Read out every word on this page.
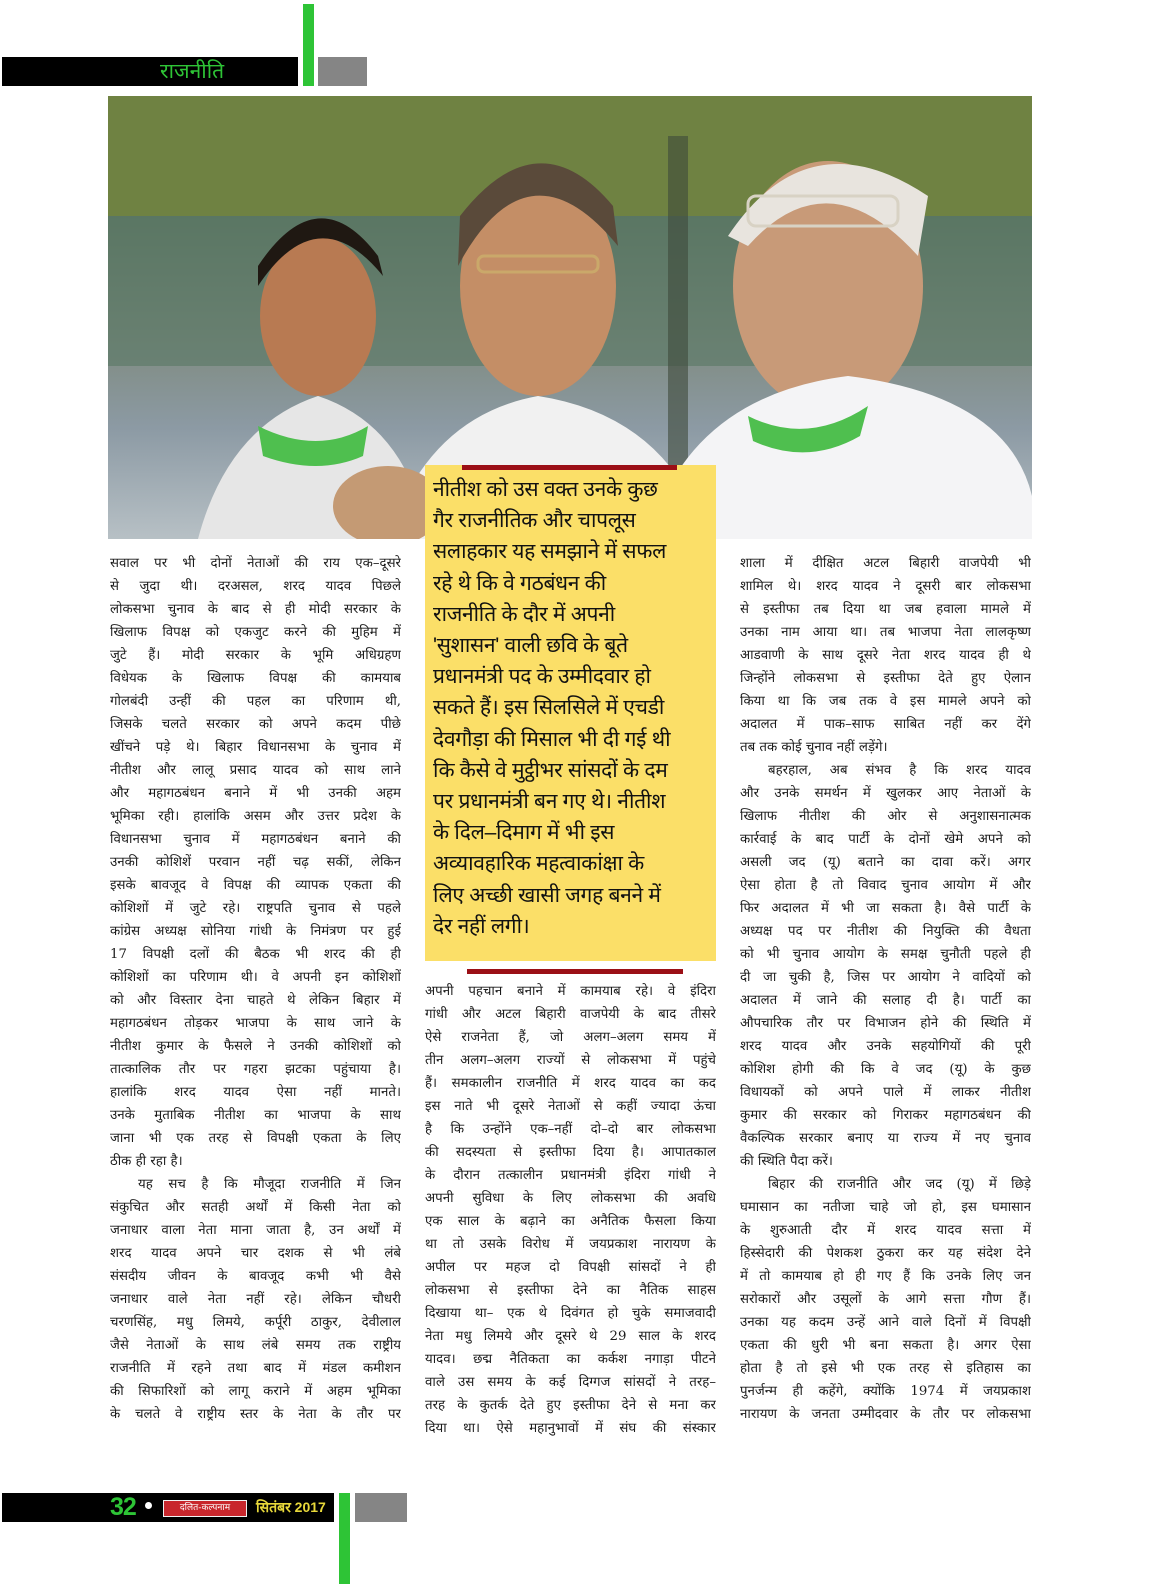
राजनीति
नीतीश को उस वक्त उनके कुछ
गैर राजनीतिक और चापलूस
सलाहकार यह समझाने में सफल
रहे थे कि वे गठबंधन की
राजनीति के दौर में अपनी
'सुशासन' वाली छवि के बूते
प्रधानमंत्री पद के उम्मीदवार हो
सकते हैं। इस सिलसिले में एचडी
देवगौड़ा की मिसाल भी दी गई थी
कि कैसे वे मुट्ठीभर सांसदों के दम
पर प्रधानमंत्री बन गए थे। नीतीश
के दिल–दिमाग में भी इस
अव्यावहारिक महत्वाकांक्षा के
लिए अच्छी खासी जगह बनने में
देर नहीं लगी।
सवाल पर भी दोनों नेताओं की राय एक–दूसरे
से जुदा थी। दरअसल, शरद यादव पिछले
लोकसभा चुनाव के बाद से ही मोदी सरकार के
खिलाफ विपक्ष को एकजुट करने की मुहिम में
जुटे हैं। मोदी सरकार के भूमि अधिग्रहण
विधेयक के खिलाफ विपक्ष की कामयाब
गोलबंदी उन्हीं की पहल का परिणाम थी,
जिसके चलते सरकार को अपने कदम पीछे
खींचने पड़े थे। बिहार विधानसभा के चुनाव में
नीतीश और लालू प्रसाद यादव को साथ लाने
और महागठबंधन बनाने में भी उनकी अहम
भूमिका रही। हालांकि असम और उत्तर प्रदेश के
विधानसभा चुनाव में महागठबंधन बनाने की
उनकी कोशिशें परवान नहीं चढ़ सकीं, लेकिन
इसके बावजूद वे विपक्ष की व्यापक एकता की
कोशिशों में जुटे रहे। राष्ट्रपति चुनाव से पहले
कांग्रेस अध्यक्ष सोनिया गांधी के निमंत्रण पर हुई
17 विपक्षी दलों की बैठक भी शरद की ही
कोशिशों का परिणाम थी। वे अपनी इन कोशिशों
को और विस्तार देना चाहते थे लेकिन बिहार में
महागठबंधन तोड़कर भाजपा के साथ जाने के
नीतीश कुमार के फैसले ने उनकी कोशिशों को
तात्कालिक तौर पर गहरा झटका पहुंचाया है।
हालांकि शरद यादव ऐसा नहीं मानते।
उनके मुताबिक नीतीश का भाजपा के साथ
जाना भी एक तरह से विपक्षी एकता के लिए
ठीक ही रहा है।
यह सच है कि मौजूदा राजनीति में जिन
संकुचित और सतही अर्थों में किसी नेता को
जनाधार वाला नेता माना जाता है, उन अर्थों में
शरद यादव अपने चार दशक से भी लंबे
संसदीय जीवन के बावजूद कभी भी वैसे
जनाधार वाले नेता नहीं रहे। लेकिन चौधरी
चरणसिंह, मधु लिमये, कर्पूरी ठाकुर, देवीलाल
जैसे नेताओं के साथ लंबे समय तक राष्ट्रीय
राजनीति में रहने तथा बाद में मंडल कमीशन
की सिफारिशों को लागू कराने में अहम भूमिका
के चलते वे राष्ट्रीय स्तर के नेता के तौर पर
अपनी पहचान बनाने में कामयाब रहे। वे इंदिरा
गांधी और अटल बिहारी वाजपेयी के बाद तीसरे
ऐसे राजनेता हैं, जो अलग–अलग समय में
तीन अलग–अलग राज्यों से लोकसभा में पहुंचे
हैं। समकालीन राजनीति में शरद यादव का कद
इस नाते भी दूसरे नेताओं से कहीं ज्यादा ऊंचा
है कि उन्होंने एक–नहीं दो–दो बार लोकसभा
की सदस्यता से इस्तीफा दिया है। आपातकाल
के दौरान तत्कालीन प्रधानमंत्री इंदिरा गांधी ने
अपनी सुविधा के लिए लोकसभा की अवधि
एक साल के बढ़ाने का अनैतिक फैसला किया
था तो उसके विरोध में जयप्रकाश नारायण के
अपील पर महज दो विपक्षी सांसदों ने ही
लोकसभा से इस्तीफा देने का नैतिक साहस
दिखाया था– एक थे दिवंगत हो चुके समाजवादी
नेता मधु लिमये और दूसरे थे 29 साल के शरद
यादव। छद्म नैतिकता का कर्कश नगाड़ा पीटने
वाले उस समय के कई दिग्गज सांसदों ने तरह–
तरह के कुतर्क देते हुए इस्तीफा देने से मना कर
दिया था। ऐसे महानुभावों में संघ की संस्कार
शाला में दीक्षित अटल बिहारी वाजपेयी भी
शामिल थे। शरद यादव ने दूसरी बार लोकसभा
से इस्तीफा तब दिया था जब हवाला मामले में
उनका नाम आया था। तब भाजपा नेता लालकृष्ण
आडवाणी के साथ दूसरे नेता शरद यादव ही थे
जिन्होंने लोकसभा से इस्तीफा देते हुए ऐलान
किया था कि जब तक वे इस मामले अपने को
अदालत में पाक–साफ साबित नहीं कर देंगे
तब तक कोई चुनाव नहीं लड़ेंगे।
बहरहाल, अब संभव है कि शरद यादव
और उनके समर्थन में खुलकर आए नेताओं के
खिलाफ नीतीश की ओर से अनुशासनात्मक
कार्रवाई के बाद पार्टी के दोनों खेमे अपने को
असली जद (यू) बताने का दावा करें। अगर
ऐसा होता है तो विवाद चुनाव आयोग में और
फिर अदालत में भी जा सकता है। वैसे पार्टी के
अध्यक्ष पद पर नीतीश की नियुक्ति की वैधता
को भी चुनाव आयोग के समक्ष चुनौती पहले ही
दी जा चुकी है, जिस पर आयोग ने वादियों को
अदालत में जाने की सलाह दी है। पार्टी का
औपचारिक तौर पर विभाजन होने की स्थिति में
शरद यादव और उनके सहयोगियों की पूरी
कोशिश होगी की कि वे जद (यू) के कुछ
विधायकों को अपने पाले में लाकर नीतीश
कुमार की सरकार को गिराकर महागठबंधन की
वैकल्पिक सरकार बनाए या राज्य में नए चुनाव
की स्थिति पैदा करें।
बिहार की राजनीति और जद (यू) में छिड़े
घमासान का नतीजा चाहे जो हो, इस घमासान
के शुरुआती दौर में शरद यादव सत्ता में
हिस्सेदारी की पेशकश ठुकरा कर यह संदेश देने
में तो कामयाब हो ही गए हैं कि उनके लिए जन
सरोकारों और उसूलों के आगे सत्ता गौण हैं।
उनका यह कदम उन्हें आने वाले दिनों में विपक्षी
एकता की धुरी भी बना सकता है। अगर ऐसा
होता है तो इसे भी एक तरह से इतिहास का
पुनर्जन्म ही कहेंगे, क्योंकि 1974 में जयप्रकाश
नारायण के जनता उम्मीदवार के तौर पर लोकसभा
32	दलित-कल्पनाम	सितंबर 2017
